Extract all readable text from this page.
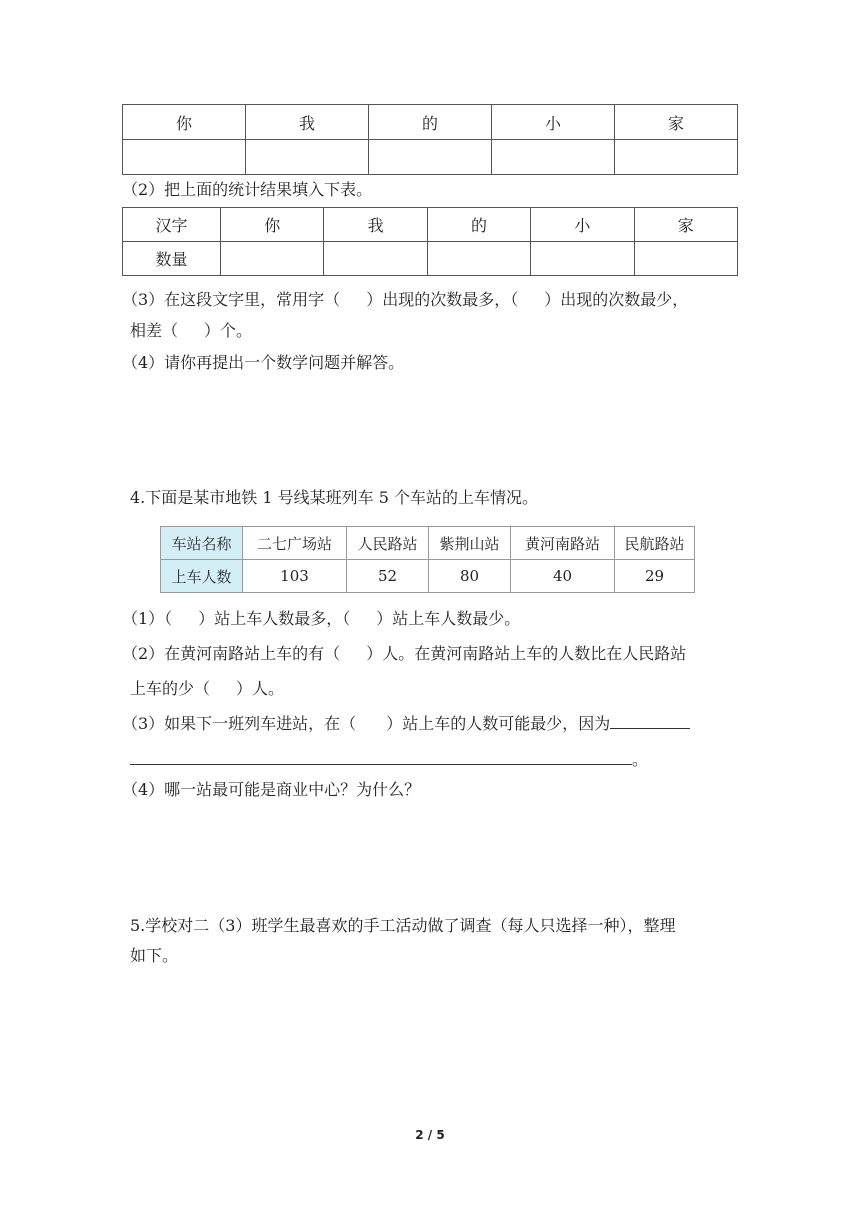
你	我	的	小	家

（2）把上面的统计结果填入下表。
汉字	你	我	的	小	家
数量					
（3）在这段文字里，常用字（ ）出现的次数最多，（ ）出现的次数最少，
相差（ ）个。
（4）请你再提出一个数学问题并解答。
4.下面是某市地铁 1 号线某班列车 5 个车站的上车情况。
车站名称	二七广场站	人民路站	紫荆山站	黄河南路站	民航路站
上车人数	103	52	80	40	29
（1）（ ）站上车人数最多，（ ）站上车人数最少。
（2）在黄河南路站上车的有（ ）人。在黄河南路站上车的人数比在人民路站
上车的少（ ）人。
（3）如果下一班列车进站，在（ ）站上车的人数可能最少，因为
。
（4）哪一站最可能是商业中心？为什么？
5.学校对二（3）班学生最喜欢的手工活动做了调查（每人只选择一种），整理
如下。
2 / 5
